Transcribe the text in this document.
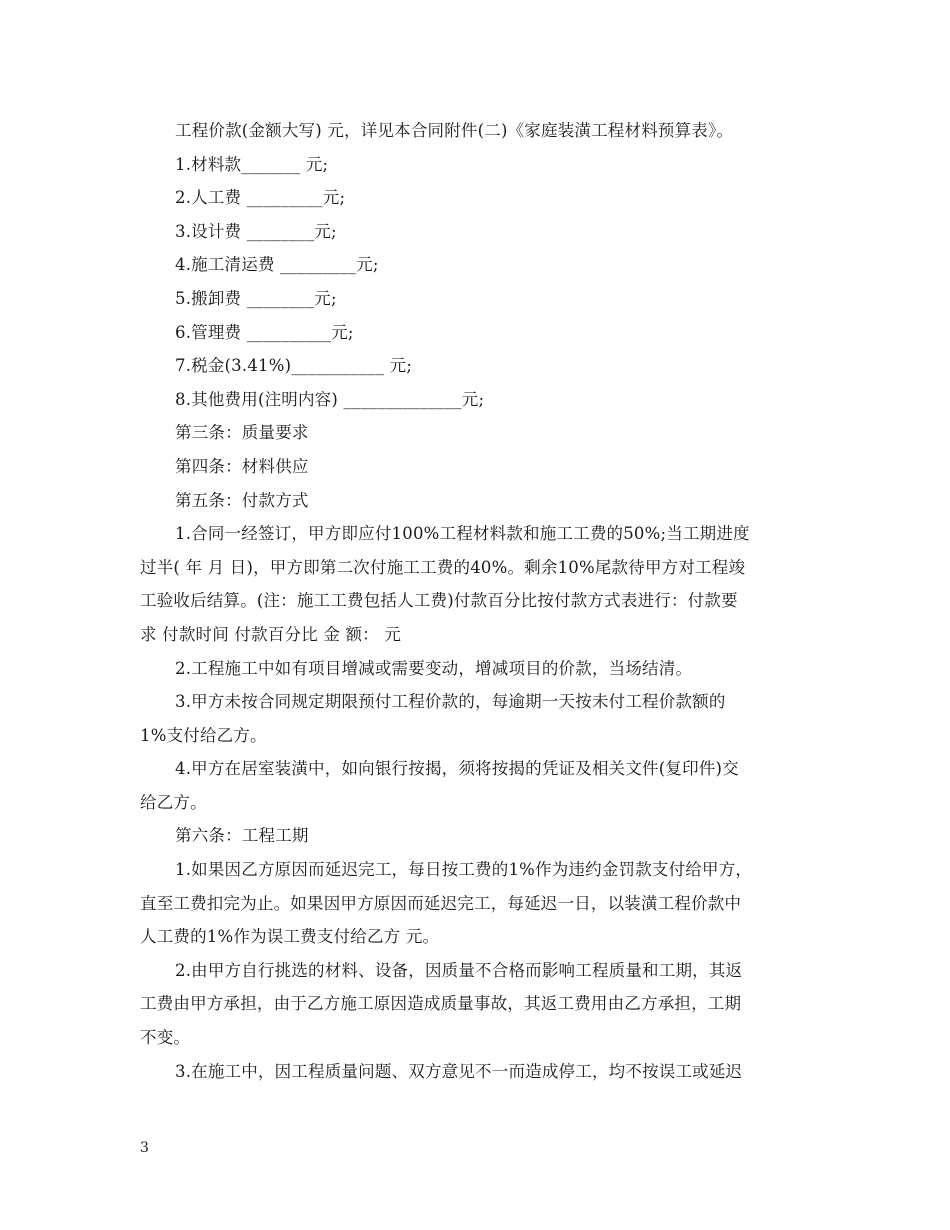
工程价款(金额大写) 元，详见本合同附件(二)《家庭装潢工程材料预算表》。
1.材料款_______ 元;
2.人工费 _________元;
3.设计费 ________元;
4.施工清运费 _________元;
5.搬卸费 ________元;
6.管理费 __________元;
7.税金(3.41%)___________ 元;
8.其他费用(注明内容) ______________元;
第三条：质量要求
第四条：材料供应
第五条：付款方式
1.合同一经签订，甲方即应付100%工程材料款和施工工费的50%;当工期进度
过半( 年 月 日)，甲方即第二次付施工工费的40%。剩余10%尾款待甲方对工程竣
工验收后结算。(注：施工工费包括人工费)付款百分比按付款方式表进行：付款要
求 付款时间 付款百分比 金 额： 元
2.工程施工中如有项目增减或需要变动，增减项目的价款，当场结清。
3.甲方未按合同规定期限预付工程价款的，每逾期一天按未付工程价款额的
1%支付给乙方。
4.甲方在居室装潢中，如向银行按揭，须将按揭的凭证及相关文件(复印件)交
给乙方。
第六条：工程工期
1.如果因乙方原因而延迟完工，每日按工费的1%作为违约金罚款支付给甲方，
直至工费扣完为止。如果因甲方原因而延迟完工，每延迟一日，以装潢工程价款中
人工费的1%作为误工费支付给乙方 元。
2.由甲方自行挑选的材料、设备，因质量不合格而影响工程质量和工期，其返
工费由甲方承担，由于乙方施工原因造成质量事故，其返工费用由乙方承担，工期
不变。
3.在施工中，因工程质量问题、双方意见不一而造成停工，均不按误工或延迟
3
